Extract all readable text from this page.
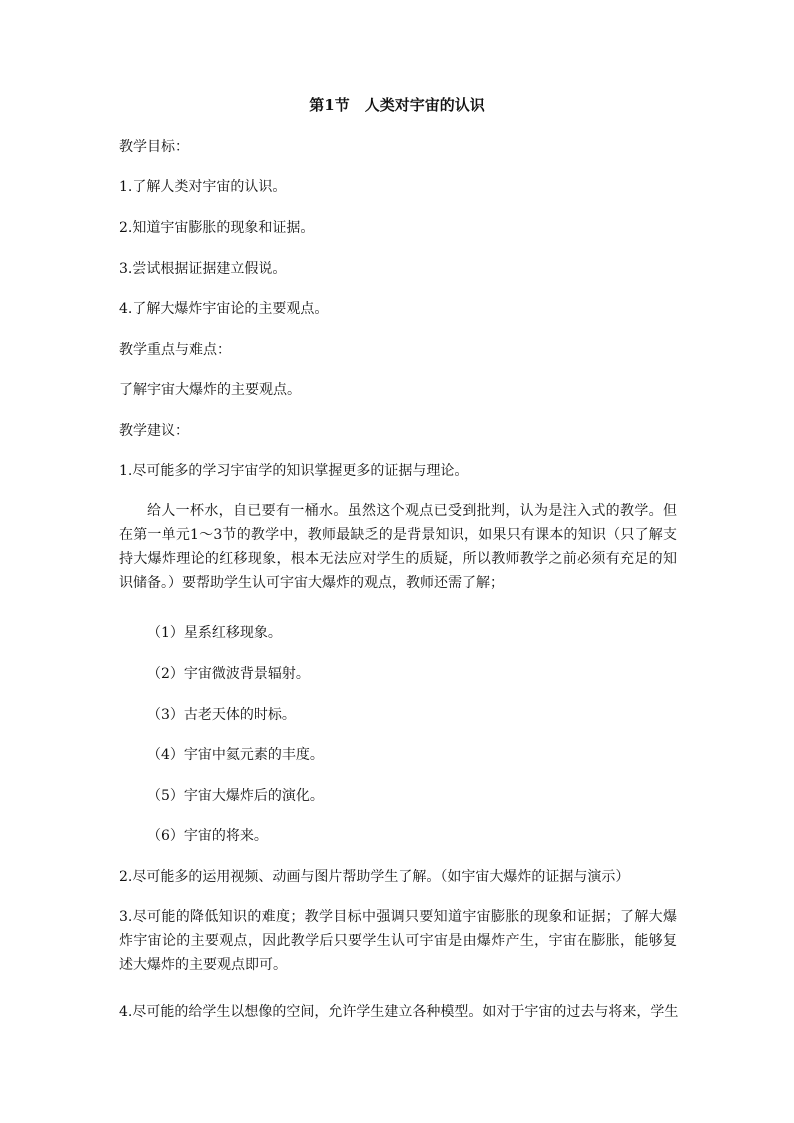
第1节　人类对宇宙的认识
教学目标：
1.了解人类对宇宙的认识。
2.知道宇宙膨胀的现象和证据。
3.尝试根据证据建立假说。
4.了解大爆炸宇宙论的主要观点。
教学重点与难点：
了解宇宙大爆炸的主要观点。
教学建议：
1.尽可能多的学习宇宙学的知识掌握更多的证据与理论。
给人一杯水，自已要有一桶水。虽然这个观点已受到批判，认为是注入式的教学。但在第一单元1～3节的教学中，教师最缺乏的是背景知识，如果只有课本的知识（只了解支持大爆炸理论的红移现象，根本无法应对学生的质疑，所以教师教学之前必须有充足的知识储备。）要帮助学生认可宇宙大爆炸的观点，教师还需了解；
（1）星系红移现象。
（2）宇宙微波背景辐射。
（3）古老天体的时标。
（4）宇宙中氦元素的丰度。
（5）宇宙大爆炸后的演化。
（6）宇宙的将来。
2.尽可能多的运用视频、动画与图片帮助学生了解。（如宇宙大爆炸的证据与演示）
3.尽可能的降低知识的难度；教学目标中强调只要知道宇宙膨胀的现象和证据；了解大爆炸宇宙论的主要观点，因此教学后只要学生认可宇宙是由爆炸产生，宇宙在膨胀，能够复述大爆炸的主要观点即可。
4.尽可能的给学生以想像的空间，允许学生建立各种模型。如对于宇宙的过去与将来，学生
